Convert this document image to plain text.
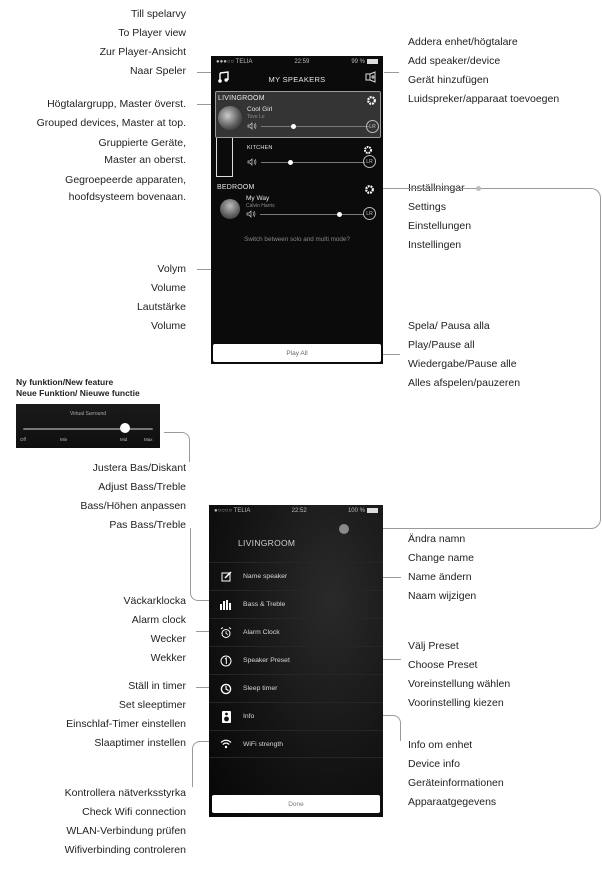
Till spelarvy
To Player view
Zur Player-Ansicht
Naar Speler
Högtalargrupp, Master överst.
Grouped devices, Master at top.
Gruppierte Geräte,
Master an oberst.
Gegroepeerde apparaten,
hoofdsysteem bovenaan.
Volym
Volume
Lautstärke
Volume
Addera enhet/högtalare
Add speaker/device
Gerät hinzufügen
Luidspreker/apparaat toevoegen
Inställningar
Settings
Einstellungen
Instellingen
Spela/ Pausa alla
Play/Pause all
Wiedergabe/Pause alle
Alles afspelen/pauzeren
●●●○○ TELIA	22:59	99 %
MY SPEAKERS
LIVINGROOM
Cool Girl
Tove Lo
LR
KITCHEN
LR
BEDROOM
My Way
Calvin Harris
LR
Switch between solo and multi mode?
Play All
Ny funktion/New feature
Neue Funktion/ Nieuwe functie
Virtual Surround
Off	Min	Mid	Max
Justera Bas/Diskant
Adjust Bass/Treble
Bass/Höhen anpassen
Pas Bass/Treble
Väckarklocka
Alarm clock
Wecker
Wekker
Ställ in timer
Set sleeptimer
Einschlaf-Timer einstellen
Slaaptimer instellen
Kontrollera nätverksstyrka
Check Wifi connection
WLAN-Verbindung prüfen
Wifiverbinding controleren
Ändra namn
Change name
Name ändern
Naam wijzigen
Välj Preset
Choose Preset
Voreinstellung wählen
Voorinstelling kiezen
Info om enhet
Device info
Geräteinformationen
Apparaatgegevens
●○○○○ TELIA	22:52	100 %
LIVINGROOM
Name speaker
Bass & Treble
Alarm Clock
Speaker Preset
Sleep timer
Info
WiFi strength
Done
